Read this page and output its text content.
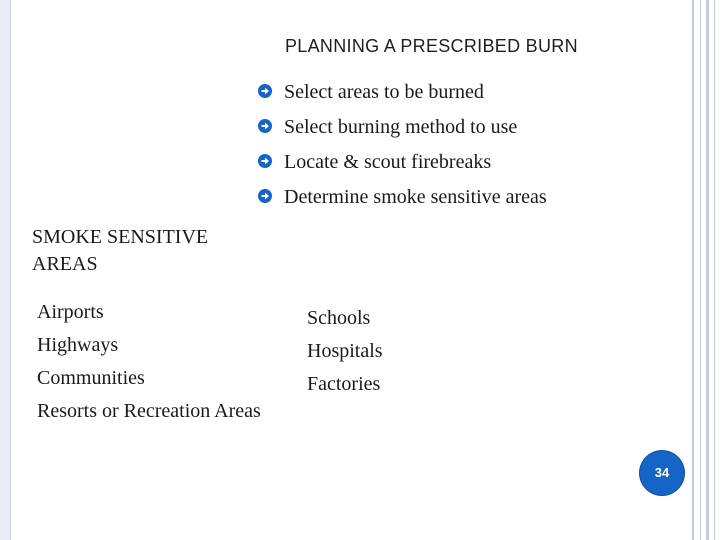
PLANNING A PRESCRIBED BURN
Select areas to be burned
Select burning method to use
Locate & scout firebreaks
Determine smoke sensitive areas
SMOKE SENSITIVE AREAS
Airports
Highways
Communities
Resorts or Recreation Areas
Schools
Hospitals
Factories
34
